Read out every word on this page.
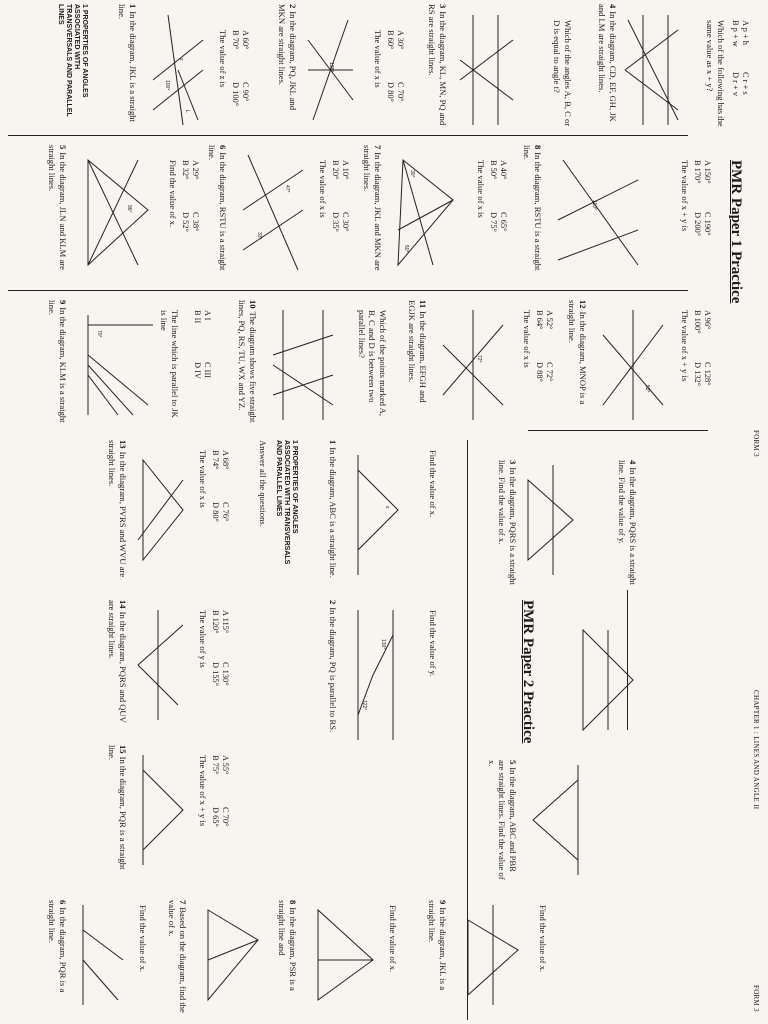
FORM 3
CHAPTER 1 : LINES AND ANGLE II
FORM 3
PMR Paper 1 Practice
1 PROPERTIES OF ANGLES ASSOCIATED WITH TRANSVERSALS AND PARALLEL LINES	1In the diagram, JKL is a straight line.
L
100°
z	The value of z is A 60°
C 90°
B 70°
D 100°
2In the diagram, PQ, JKL and MKN are straight lines.	135°	The value of x is A 30°
C 70°
B 60°
D 80°
3In the diagram, KL, MN, PQ and RS are straight lines.	Which of the angles A, B, C or D is equal to angle t?
4In the diagram, CD, EF, GH, JK and LM are straight lines.	Which of the following has the same value as x + y?	A p + h
C r + s
B p + w
D r + v
5In the diagram, JLN and KLM are straight lines.
96°	Find the value of x. A 29°
C 38°
B 32°
D 52°
6In the diagram, RSTU is a straight line.
47°
33°
The value of x is A 10°
C 30°
B 20°
D 35°
7In the diagram, JKL and MKN are straight lines.	30°
50°
The value of x is A 40°
C 65°
B 50°
D 75°
8In the diagram, RSTU is a straight line.
110°	The value of x + y is A 150°
C 190°
B 170°
D 200°
9In the diagram, KLM is a straight line.
70°	The line which is parallel to JK is line	A I
C III
B II
D IV
10The diagram shows five straight lines, PQ, RS, TU, WX and YZ.	Which of the points marked A, B, C and D is between two parallel lines?
11In the diagram, EFGH and EGJK are straight lines.	72°	The value of x is A 52°
C 72°
B 64°
D 88°
12In the diagram, MNOP is a straight line.
52°
The value of x + y is A 96°
C 128°
B 100°
D 132°
13In the diagram, PVRS and WVU are straight lines.	The value of x is A 68°
C 76°
B 74°
D 80°
14In the diagram, PQRS and QUV are straight lines.	The value of y is A 115°
C 130°
B 120°
D 155°
15In the diagram, PQR is a straight line.
The value of x + y is A 55°
C 70°
B 75°
D 65°
PMR Paper 2 Practice
Answer all the questions.	1 PROPERTIES OF ANGLES ASSOCIATED WITH TRANSVERSALS AND PARALLEL LINES	1In the diagram, ABC is a straight line.	x	Find the value of x.
2In the diagram, PQ is parallel to RS.	130°
122°
Find the value of y.
3In the diagram, PQRS is a straight line. Find the value of x.	4In the diagram, PQRS is a straight line. Find the value of y.
5In the diagram, ABC and PBR are straight lines. Find the value of x.
6In the diagram, PQR is a straight line.	Find the value of x.
7Based on the diagram, find the value of x.	8In the diagram, PSR is a straight line and	Find the value of x.
9In the diagram, JKL is a straight line.	Find the value of x.
